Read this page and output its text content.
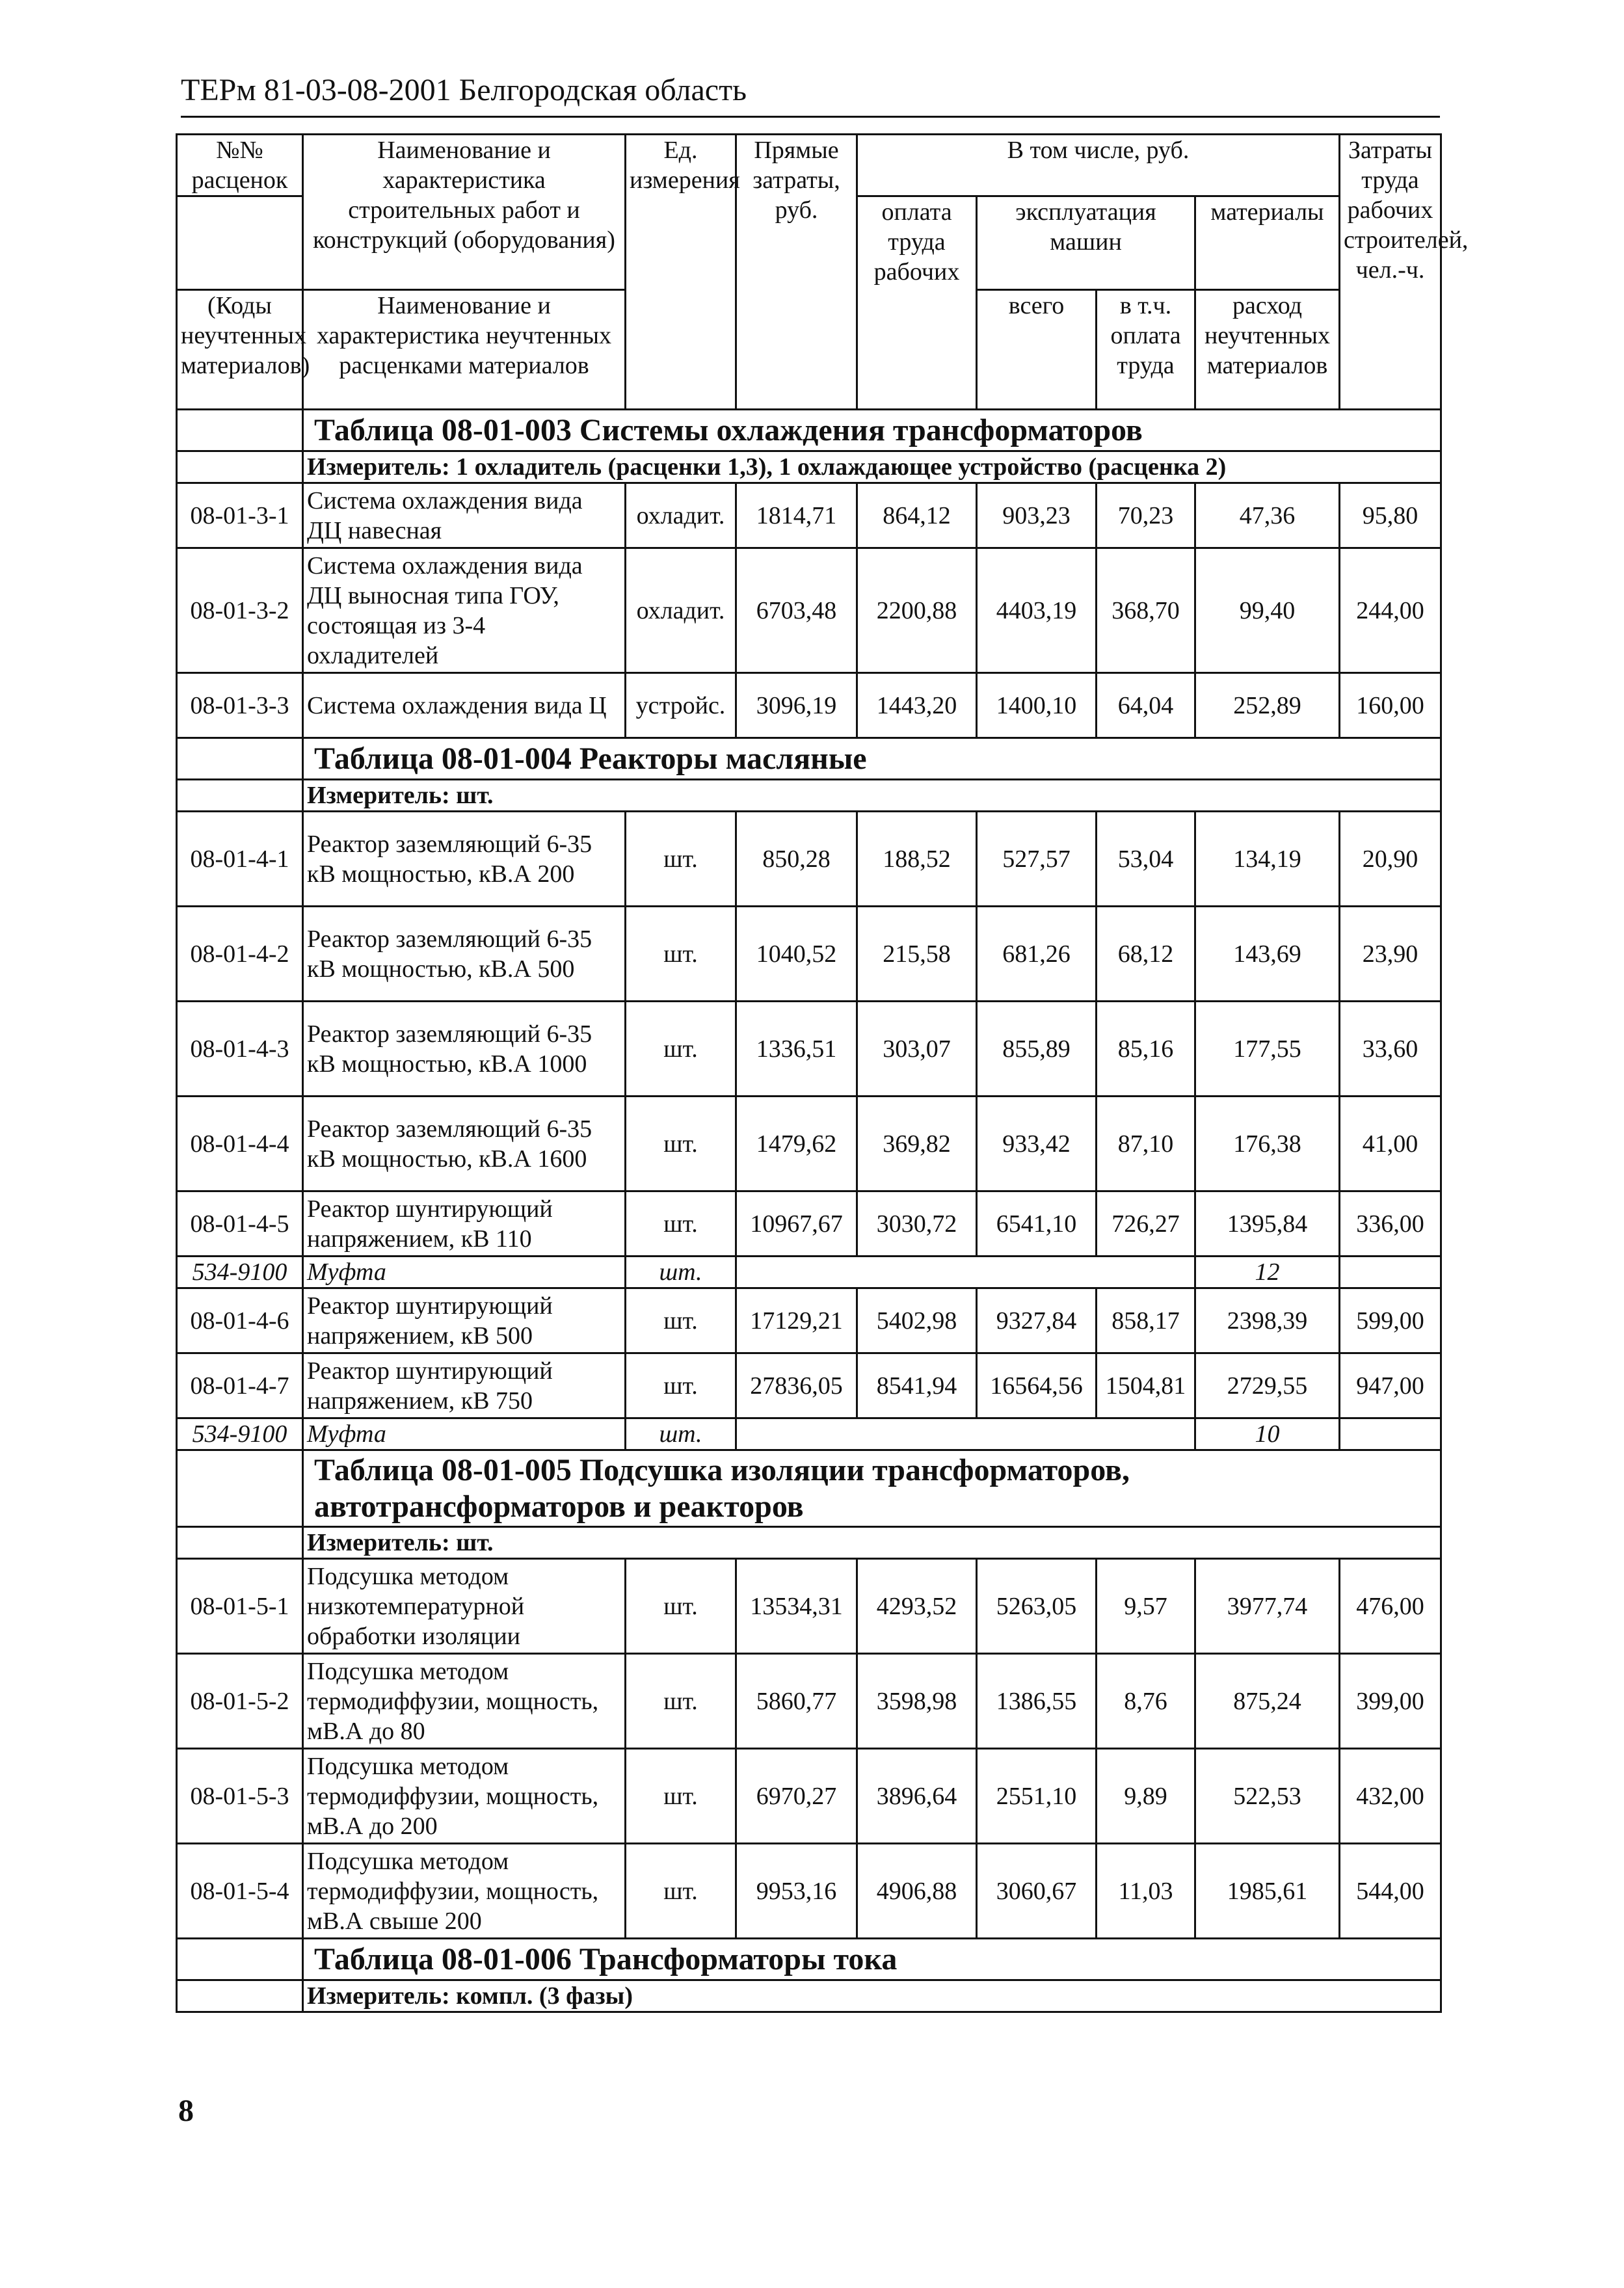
ТЕРм 81-03-08-2001 Белгородская область
№№ расценок	Наименование и характеристика строительных работ и конструкций (оборудования)	Ед. измерения	Прямые затраты, руб.	В том числе, руб.				Затраты труда рабочих строителей, чел.-ч.
				оплата труда рабочих	эксплуатация машин		материалы	

(Коды неучтенных материалов)	Наименование и характеристика неучтенных расценками материалов				всего	в т.ч. оплата труда	расход неучтенных материалов	

	Таблица 08-01-003 Системы охлаждения трансформаторов							
	Измеритель: 1 охладитель (расценки 1,3), 1 охлаждающее устройство (расценка 2)							
08-01-3-1	Система охлаждения вида ДЦ навесная	охладит.	1814,71	864,12	903,23	70,23	47,36	95,80
08-01-3-2	Система охлаждения вида ДЦ выносная типа ГОУ, состоящая из 3-4 охладителей	охладит.	6703,48	2200,88	4403,19	368,70	99,40	244,00
08-01-3-3	Система охлаждения вида Ц	устройс.	3096,19	1443,20	1400,10	64,04	252,89	160,00
	Таблица 08-01-004 Реакторы масляные							
	Измеритель: шт.							
08-01-4-1	Реактор заземляющий 6-35 кВ мощностью, кВ.А 200	шт.	850,28	188,52	527,57	53,04	134,19	20,90
08-01-4-2	Реактор заземляющий 6-35 кВ мощностью, кВ.А 500	шт.	1040,52	215,58	681,26	68,12	143,69	23,90
08-01-4-3	Реактор заземляющий 6-35 кВ мощностью, кВ.А 1000	шт.	1336,51	303,07	855,89	85,16	177,55	33,60
08-01-4-4	Реактор заземляющий 6-35 кВ мощностью, кВ.А 1600	шт.	1479,62	369,82	933,42	87,10	176,38	41,00
08-01-4-5	Реактор шунтирующий напряжением, кВ 110	шт.	10967,67	3030,72	6541,10	726,27	1395,84	336,00
534-9100	Муфта	шт.					12	
08-01-4-6	Реактор шунтирующий напряжением, кВ 500	шт.	17129,21	5402,98	9327,84	858,17	2398,39	599,00
08-01-4-7	Реактор шунтирующий напряжением, кВ 750	шт.	27836,05	8541,94	16564,56	1504,81	2729,55	947,00
534-9100	Муфта	шт.					10	
	Таблица 08-01-005 Подсушка изоляции трансформаторов, автотрансформаторов и реакторов							
	Измеритель: шт.							
08-01-5-1	Подсушка методом низкотемпературной обработки изоляции	шт.	13534,31	4293,52	5263,05	9,57	3977,74	476,00
08-01-5-2	Подсушка методом термодиффузии, мощность, мВ.А до 80	шт.	5860,77	3598,98	1386,55	8,76	875,24	399,00
08-01-5-3	Подсушка методом термодиффузии, мощность, мВ.А до 200	шт.	6970,27	3896,64	2551,10	9,89	522,53	432,00
08-01-5-4	Подсушка методом термодиффузии, мощность, мВ.А свыше 200	шт.	9953,16	4906,88	3060,67	11,03	1985,61	544,00
	Таблица 08-01-006 Трансформаторы тока							
	Измеритель: компл. (3 фазы)							
8
